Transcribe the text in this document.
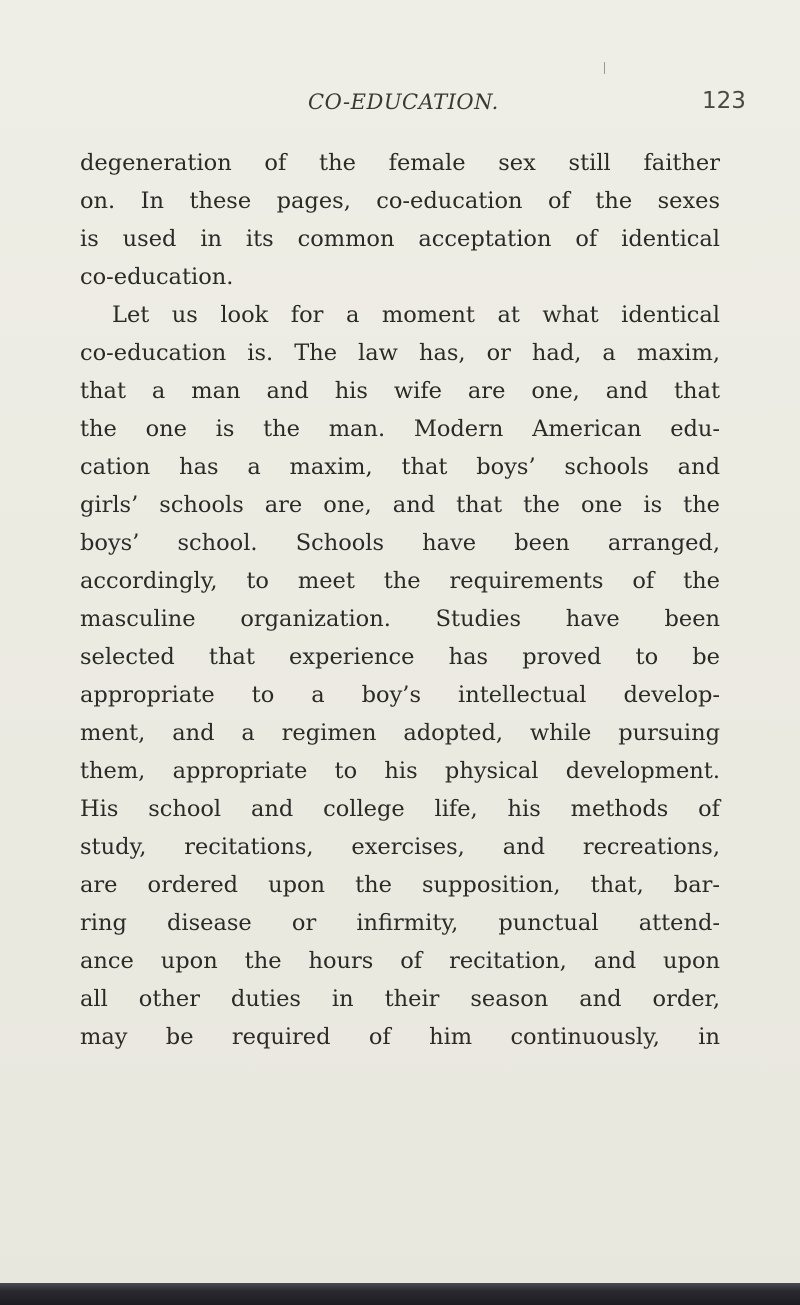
CO-EDUCATION.	123
degeneration of the female sex still faither
on. In these pages, co-education of the sexes
is used in its common acceptation of identical
co-education.
Let us look for a moment at what identical
co-education is. The law has, or had, a maxim,
that a man and his wife are one, and that
the one is the man. Modern American edu-
cation has a maxim, that boys’ schools and
girls’ schools are one, and that the one is the
boys’ school. Schools have been arranged,
accordingly, to meet the requirements of the
masculine organization. Studies have been
selected that experience has proved to be
appropriate to a boy’s intellectual develop-
ment, and a regimen adopted, while pursuing
them, appropriate to his physical development.
His school and college life, his methods of
study, recitations, exercises, and recreations,
are ordered upon the supposition, that, bar-
ring disease or infirmity, punctual attend-
ance upon the hours of recitation, and upon
all other duties in their season and order,
may be required of him continuously, in
